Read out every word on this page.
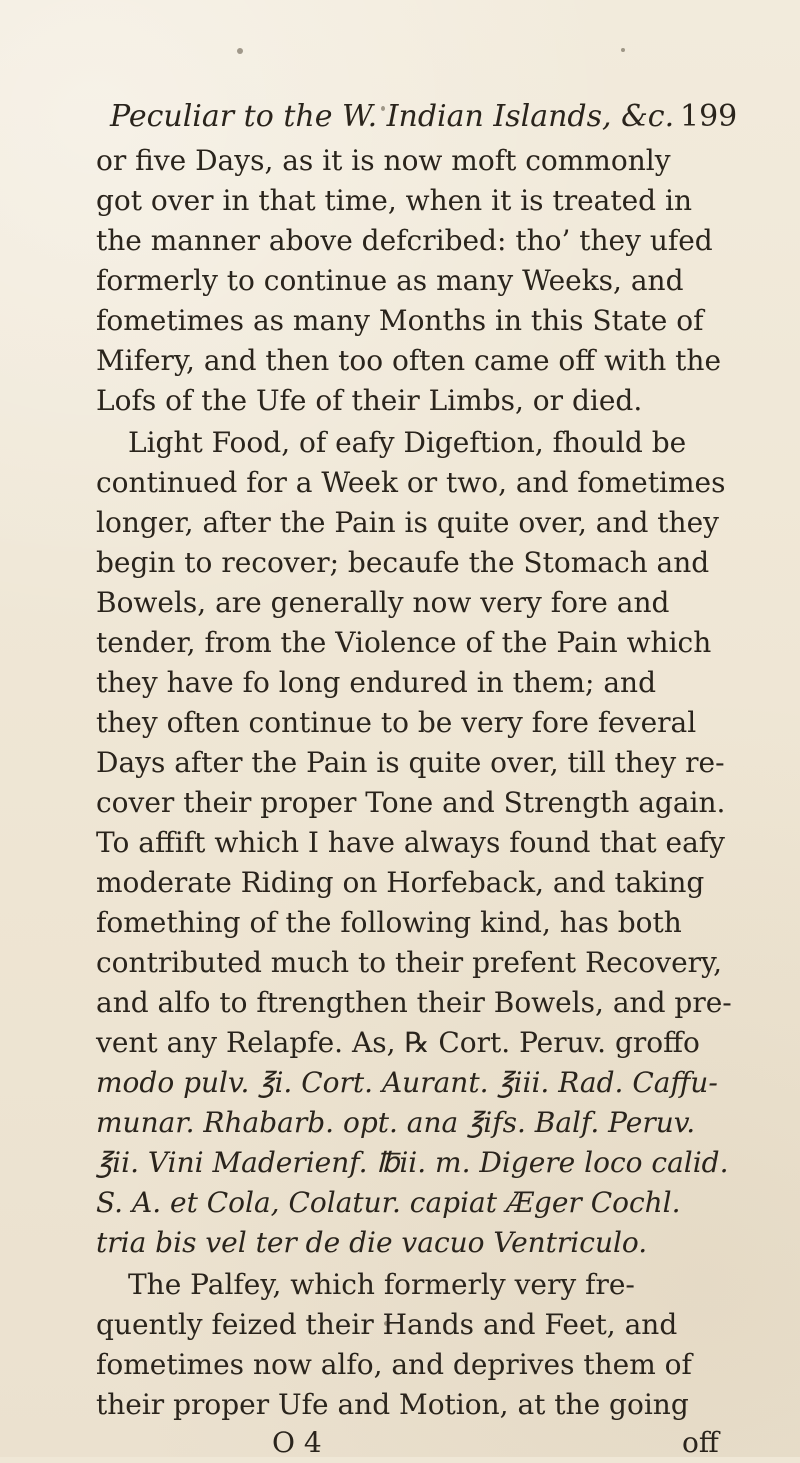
Peculiar to the W. Indian Islands, &c. 199
or five Days, as it is now moft commonly
got over in that time, when it is treated in
the manner above defcribed: tho’ they ufed
formerly to continue as many Weeks, and
fometimes as many Months in this State of
Mifery, and then too often came off with the
Lofs of the Ufe of their Limbs, or died.
Light Food, of eafy Digeftion, fhould be
continued for a Week or two, and fometimes
longer, after the Pain is quite over, and they
begin to recover; becaufe the Stomach and
Bowels, are generally now very fore and
tender, from the Violence of the Pain which
they have fo long endured in them; and
they often continue to be very fore feveral
Days after the Pain is quite over, till they re-
cover their proper Tone and Strength again.
To affift which I have always found that eafy
moderate Riding on Horfeback, and taking
fomething of the following kind, has both
contributed much to their prefent Recovery,
and alfo to ftrengthen their Bowels, and pre-
vent any Relapfe. As, ℞ Cort. Peruv. groffo
modo pulv. ℥i. Cort. Aurant. ℥iii. Rad. Caffu-
munar. Rhabarb. opt. ana ℥ifs. Balf. Peruv.
℥ii. Vini Maderienf. ℔ii. m. Digere loco calid.
S. A. et Cola, Colatur. capiat Æger Cochl.
tria bis vel ter de die vacuo Ventriculo.
The Palfey, which formerly very fre-
quently feized their Hands and Feet, and
fometimes now alfo, and deprives them of
their proper Ufe and Motion, at the going
O 4	off
